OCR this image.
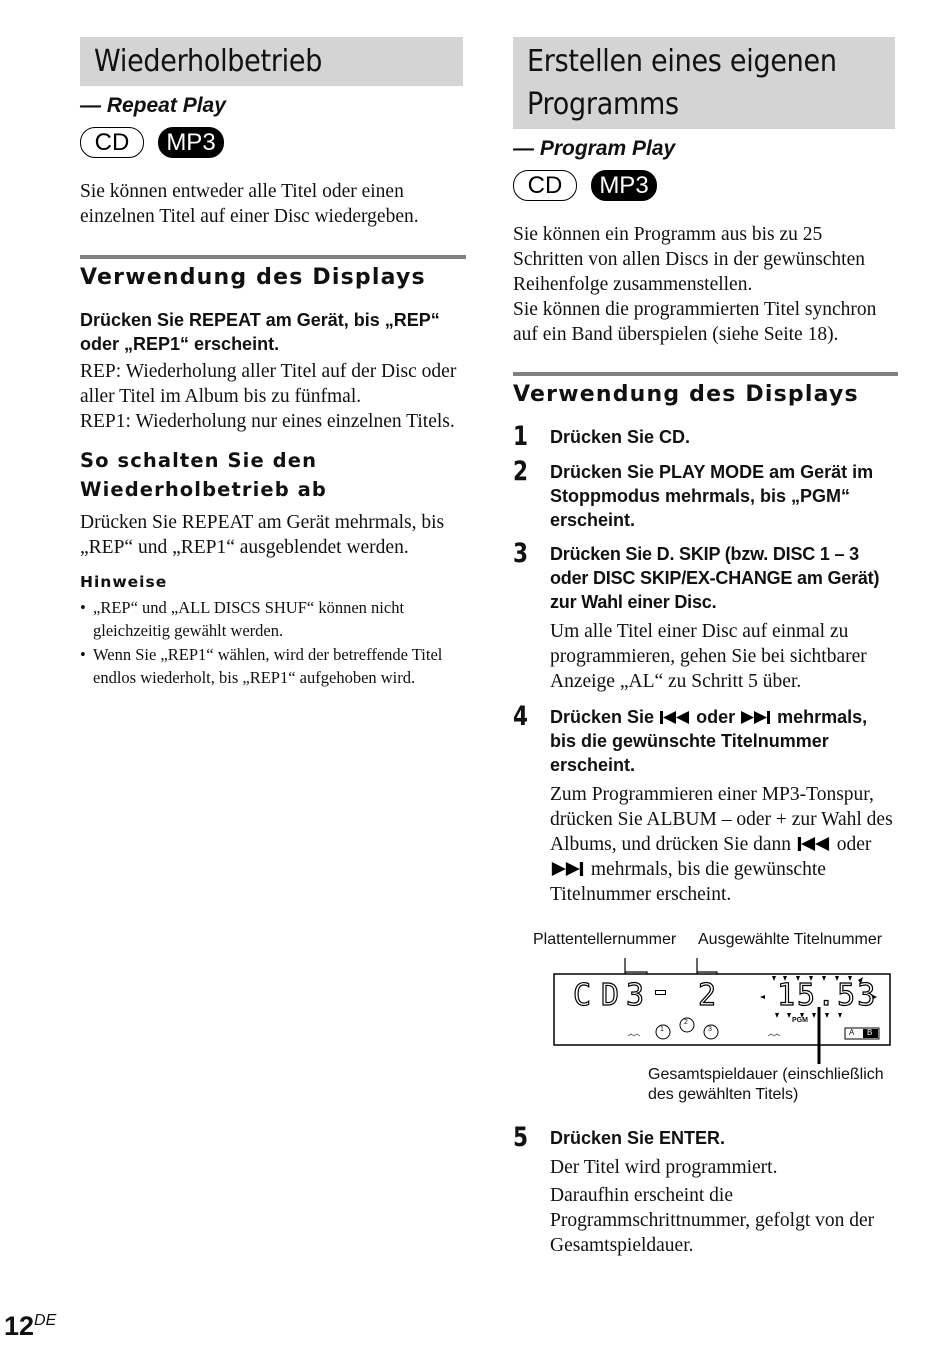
Wiederholbetrieb

— Repeat Play

CD	MP3

Sie können entweder alle Titel oder einen einzelnen Titel auf einer Disc wiedergeben.

Verwendung des Displays

Drücken Sie REPEAT am Gerät, bis „REP“ oder „REP1“ erscheint.

REP: Wiederholung aller Titel auf der Disc oder aller Titel im Album bis zu fünfmal.

REP1: Wiederholung nur eines einzelnen Titels.

So schalten Sie den Wiederholbetrieb ab

Drücken Sie REPEAT am Gerät mehrmals, bis „REP“ und „REP1“ ausgeblendet werden.

Hinweise

• „REP“ und „ALL DISCS SHUF“ können nicht gleichzeitig gewählt werden.

• Wenn Sie „REP1“ wählen, wird der betreffende Titel endlos wiederholt, bis „REP1“ aufgehoben wird.

Erstellen eines eigenen
Programms

— Program Play

CD	MP3

Sie können ein Programm aus bis zu 25 Schritten von allen Discs in der gewünschten Reihenfolge zusammenstellen.

Sie können die programmierten Titel synchron auf ein Band überspielen (siehe Seite 18).

Verwendung des Displays

1 Drücken Sie CD.

2 Drücken Sie PLAY MODE am Gerät im Stoppmodus mehrmals, bis „PGM“ erscheint.

3 Drücken Sie D. SKIP (bzw. DISC 1 – 3 oder DISC SKIP/EX-CHANGE am Gerät) zur Wahl einer Disc.

Um alle Titel einer Disc auf einmal zu programmieren, gehen Sie bei sichtbarer Anzeige „AL“ zu Schritt 5 über.

4 Drücken Sie oder mehrmals, bis die gewünschte Titelnummer erscheint.

Zum Programmieren einer MP3-Tonspur, drücken Sie ALBUM – oder + zur Wahl des Albums, und drücken Sie dann oder  mehrmals, bis die gewünschte Titelnummer erscheint.

Plattentellernummer Ausgewählte Titelnummer
CD
3 2 15.53
PGM
1
2
3	A B
Gesamtspieldauer (einschließlich des gewählten Titels)
5 Drücken Sie ENTER.

Der Titel wird programmiert.

Daraufhin erscheint die Programmschrittnummer, gefolgt von der Gesamtspieldauer.

12DE
